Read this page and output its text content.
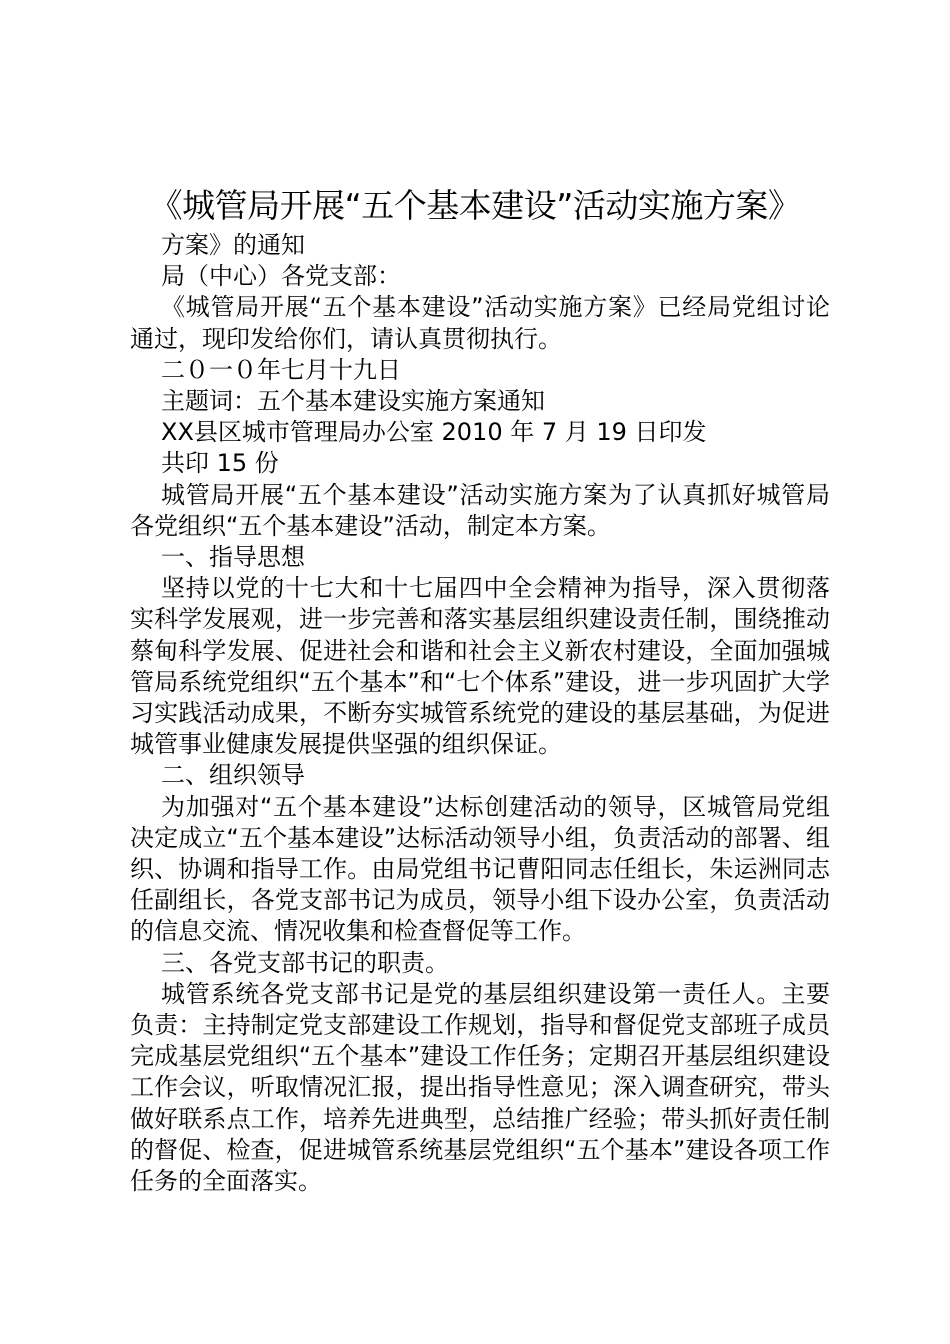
《城管局开展“五个基本建设”活动实施方案》

方案》的通知

局（中心）各党支部：

《城管局开展“五个基本建设”活动实施方案》已经局党组讨论通过，现印发给你们，请认真贯彻执行。

二０一０年七月十九日

主题词：五个基本建设实施方案通知

XX县区城市管理局办公室 2010 年 7 月 19 日印发

共印 15 份

城管局开展“五个基本建设”活动实施方案为了认真抓好城管局各党组织“五个基本建设”活动，制定本方案。

一、指导思想

坚持以党的十七大和十七届四中全会精神为指导，深入贯彻落实科学发展观，进一步完善和落实基层组织建设责任制，围绕推动蔡甸科学发展、促进社会和谐和社会主义新农村建设，全面加强城管局系统党组织“五个基本”和“七个体系”建设，进一步巩固扩大学习实践活动成果，不断夯实城管系统党的建设的基层基础，为促进城管事业健康发展提供坚强的组织保证。

二、组织领导

为加强对“五个基本建设”达标创建活动的领导，区城管局党组决定成立“五个基本建设”达标活动领导小组，负责活动的部署、组织、协调和指导工作。由局党组书记曹阳同志任组长，朱运洲同志任副组长，各党支部书记为成员，领导小组下设办公室，负责活动的信息交流、情况收集和检查督促等工作。

三、各党支部书记的职责。

城管系统各党支部书记是党的基层组织建设第一责任人。主要负责：主持制定党支部建设工作规划，指导和督促党支部班子成员完成基层党组织“五个基本”建设工作任务；定期召开基层组织建设工作会议，听取情况汇报，提出指导性意见；深入调查研究，带头做好联系点工作，培养先进典型，总结推广经验；带头抓好责任制的督促、检查，促进城管系统基层党组织“五个基本”建设各项工作任务的全面落实。
